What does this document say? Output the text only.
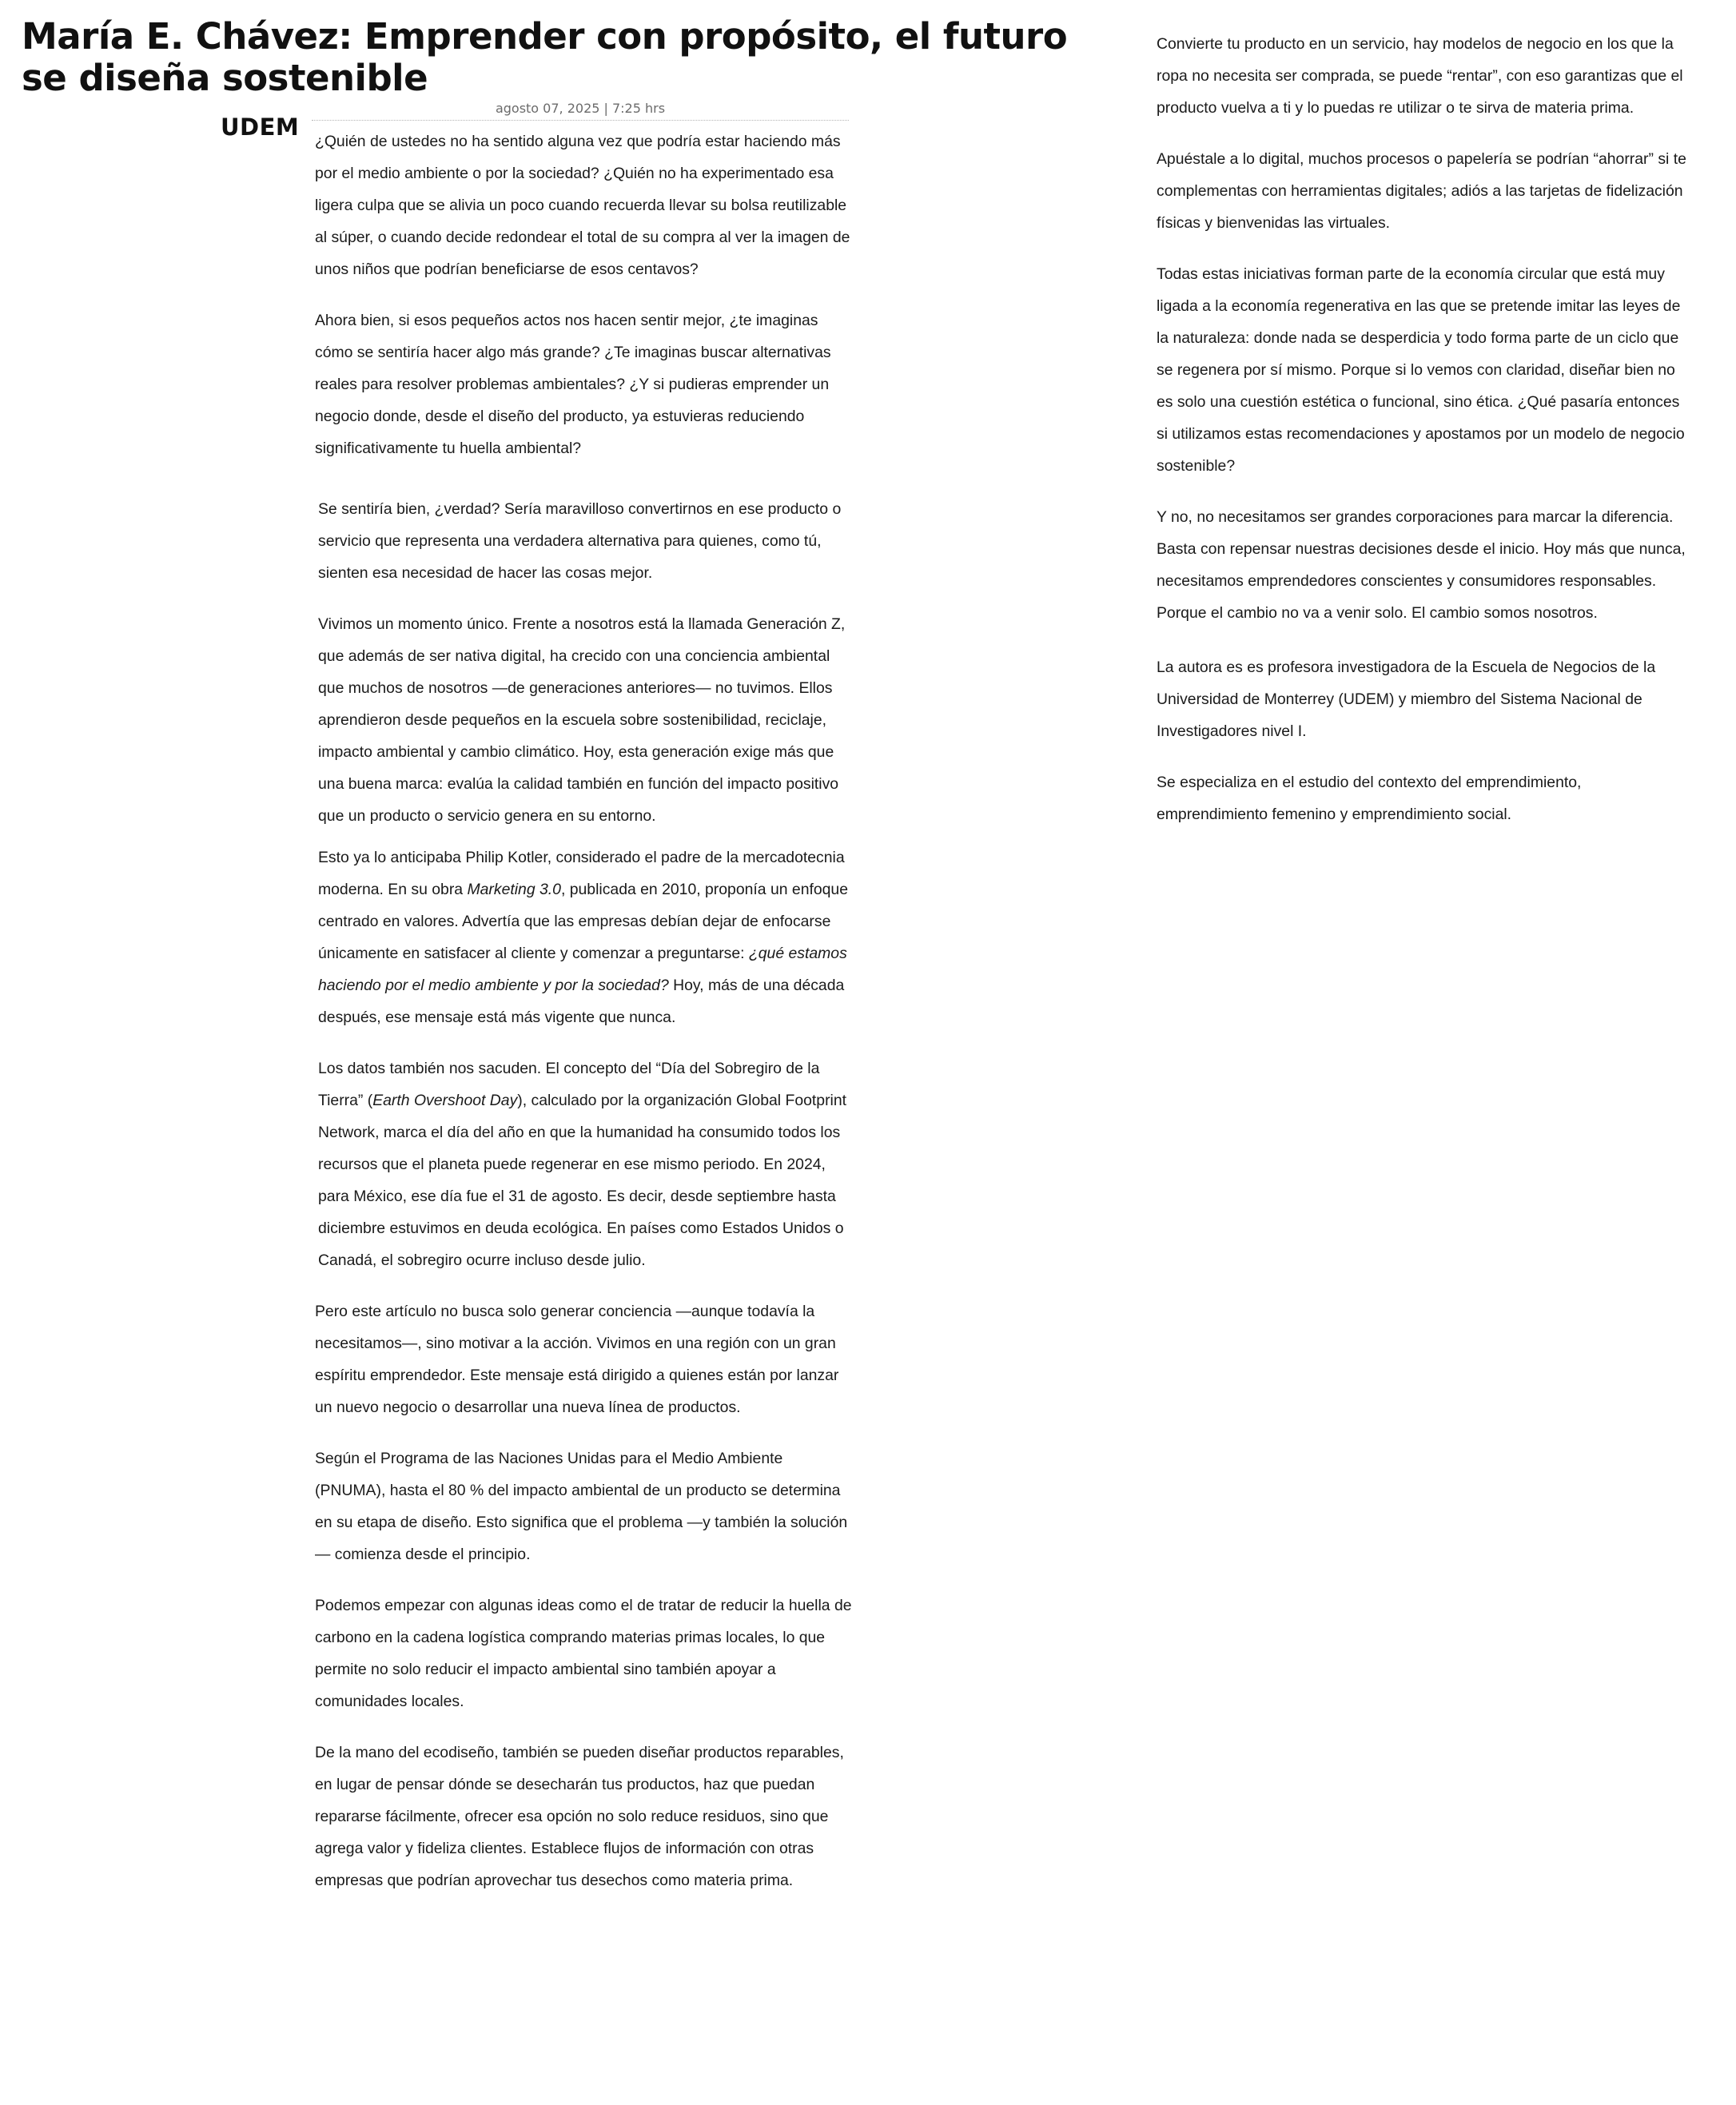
María E. Chávez: Emprender con propósito, el futuro se diseña sostenible
agosto 07, 2025 | 7:25 hrs
UDEM

¿Quién de ustedes no ha sentido alguna vez que podría estar haciendo más por el medio ambiente o por la sociedad? ¿Quién no ha experimentado esa ligera culpa que se alivia un poco cuando recuerda llevar su bolsa reutilizable al súper, o cuando decide redondear el total de su compra al ver la imagen de unos niños que podrían beneficiarse de esos centavos?

Ahora bien, si esos pequeños actos nos hacen sentir mejor, ¿te imaginas cómo se sentiría hacer algo más grande? ¿Te imaginas buscar alternativas reales para resolver problemas ambientales? ¿Y si pudieras emprender un negocio donde, desde el diseño del producto, ya estuvieras reduciendo significativamente tu huella ambiental?

Se sentiría bien, ¿verdad? Sería maravilloso convertirnos en ese producto o servicio que representa una verdadera alternativa para quienes, como tú, sienten esa necesidad de hacer las cosas mejor.

Vivimos un momento único. Frente a nosotros está la llamada Generación Z, que además de ser nativa digital, ha crecido con una conciencia ambiental que muchos de nosotros —de generaciones anteriores— no tuvimos. Ellos aprendieron desde pequeños en la escuela sobre sostenibilidad, reciclaje, impacto ambiental y cambio climático. Hoy, esta generación exige más que una buena marca: evalúa la calidad también en función del impacto positivo que un producto o servicio genera en su entorno.

Esto ya lo anticipaba Philip Kotler, considerado el padre de la mercadotecnia moderna. En su obra Marketing 3.0, publicada en 2010, proponía un enfoque centrado en valores. Advertía que las empresas debían dejar de enfocarse únicamente en satisfacer al cliente y comenzar a preguntarse: ¿qué estamos haciendo por el medio ambiente y por la sociedad? Hoy, más de una década después, ese mensaje está más vigente que nunca.

Los datos también nos sacuden. El concepto del “Día del Sobregiro de la Tierra” (Earth Overshoot Day), calculado por la organización Global Footprint Network, marca el día del año en que la humanidad ha consumido todos los recursos que el planeta puede regenerar en ese mismo periodo. En 2024, para México, ese día fue el 31 de agosto. Es decir, desde septiembre hasta diciembre estuvimos en deuda ecológica. En países como Estados Unidos o Canadá, el sobregiro ocurre incluso desde julio.

Pero este artículo no busca solo generar conciencia —aunque todavía la necesitamos—, sino motivar a la acción. Vivimos en una región con un gran espíritu emprendedor. Este mensaje está dirigido a quienes están por lanzar un nuevo negocio o desarrollar una nueva línea de productos.

Según el Programa de las Naciones Unidas para el Medio Ambiente (PNUMA), hasta el 80 % del impacto ambiental de un producto se determina en su etapa de diseño. Esto significa que el problema —y también la solución— comienza desde el principio.

Podemos empezar con algunas ideas como el de tratar de reducir la huella de carbono en la cadena logística comprando materias primas locales, lo que permite no solo reducir el impacto ambiental sino también apoyar a comunidades locales.

De la mano del ecodiseño, también se pueden diseñar productos reparables, en lugar de pensar dónde se desecharán tus productos, haz que puedan repararse fácilmente, ofrecer esa opción no solo reduce residuos, sino que agrega valor y fideliza clientes. Establece flujos de información con otras empresas que podrían aprovechar tus desechos como materia prima.

Convierte tu producto en un servicio, hay modelos de negocio en los que la ropa no necesita ser comprada, se puede “rentar”, con eso garantizas que el producto vuelva a ti y lo puedas re utilizar o te sirva de materia prima.

Apuéstale a lo digital, muchos procesos o papelería se podrían “ahorrar” si te complementas con herramientas digitales; adiós a las tarjetas de fidelización físicas y bienvenidas las virtuales.

Todas estas iniciativas forman parte de la economía circular que está muy ligada a la economía regenerativa en las que se pretende imitar las leyes de la naturaleza: donde nada se desperdicia y todo forma parte de un ciclo que se regenera por sí mismo. Porque si lo vemos con claridad, diseñar bien no es solo una cuestión estética o funcional, sino ética. ¿Qué pasaría entonces si utilizamos estas recomendaciones y apostamos por un modelo de negocio sostenible?

Y no, no necesitamos ser grandes corporaciones para marcar la diferencia. Basta con repensar nuestras decisiones desde el inicio. Hoy más que nunca, necesitamos emprendedores conscientes y consumidores responsables. Porque el cambio no va a venir solo. El cambio somos nosotros.

La autora es es profesora investigadora de la Escuela de Negocios de la Universidad de Monterrey (UDEM) y miembro del Sistema Nacional de Investigadores nivel I.

Se especializa en el estudio del contexto del emprendimiento, emprendimiento femenino y emprendimiento social.
